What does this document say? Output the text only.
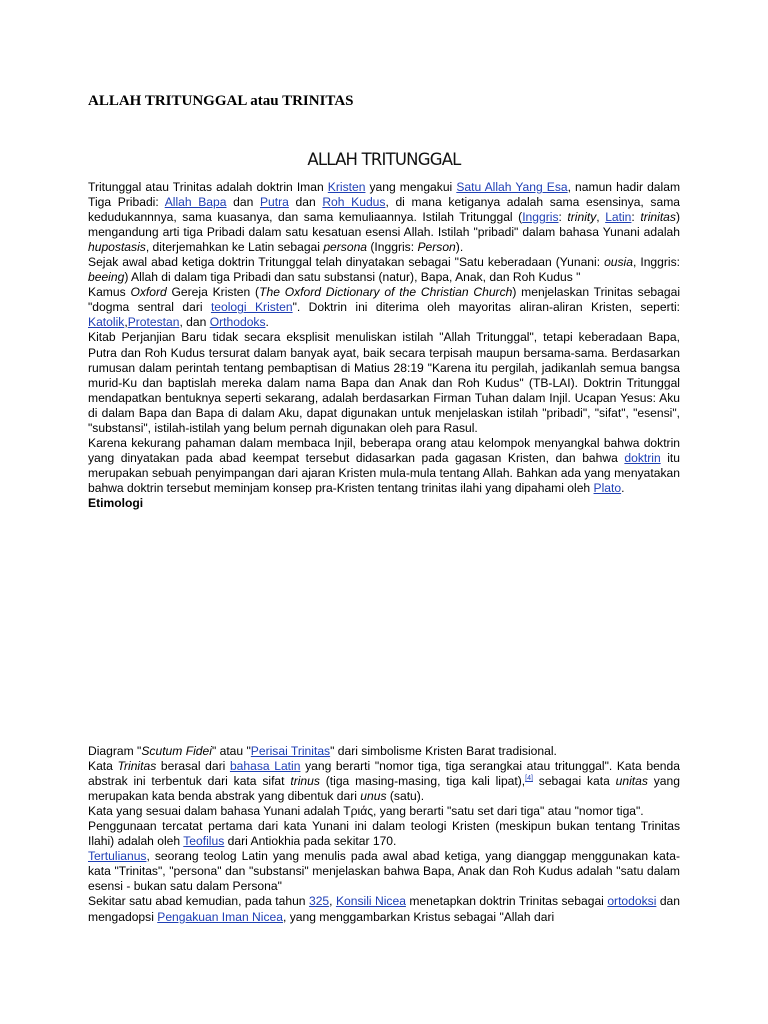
ALLAH TRITUNGGAL atau TRINITAS
ALLAH TRITUNGGAL

Tritunggal atau Trinitas adalah doktrin Iman Kristen yang mengakui Satu Allah Yang Esa, namun hadir dalam Tiga Pribadi: Allah Bapa dan Putra dan Roh Kudus, di mana ketiganya adalah sama esensinya, sama kedudukannnya, sama kuasanya, dan sama kemuliaannya. Istilah Tritunggal (Inggris: trinity, Latin: trinitas) mengandung arti tiga Pribadi dalam satu kesatuan esensi Allah. Istilah "pribadi" dalam bahasa Yunani adalah hupostasis, diterjemahkan ke Latin sebagai persona (Inggris: Person).

Sejak awal abad ketiga doktrin Tritunggal telah dinyatakan sebagai "Satu keberadaan (Yunani: ousia, Inggris: beeing) Allah di dalam tiga Pribadi dan satu substansi (natur), Bapa, Anak, dan Roh Kudus "

Kamus Oxford Gereja Kristen (The Oxford Dictionary of the Christian Church) menjelaskan Trinitas sebagai "dogma sentral dari teologi Kristen". Doktrin ini diterima oleh mayoritas aliran-aliran Kristen, seperti: Katolik,Protestan, dan Orthodoks.

Kitab Perjanjian Baru tidak secara eksplisit menuliskan istilah "Allah Tritunggal", tetapi keberadaan Bapa, Putra dan Roh Kudus tersurat dalam banyak ayat, baik secara terpisah maupun bersama-sama. Berdasarkan rumusan dalam perintah tentang pembaptisan di Matius 28:19 "Karena itu pergilah, jadikanlah semua bangsa murid-Ku dan baptislah mereka dalam nama Bapa dan Anak dan Roh Kudus" (TB-LAI). Doktrin Tritunggal mendapatkan bentuknya seperti sekarang, adalah berdasarkan Firman Tuhan dalam Injil. Ucapan Yesus: Aku di dalam Bapa dan Bapa di dalam Aku, dapat digunakan untuk menjelaskan istilah "pribadi", "sifat", "esensi", "substansi", istilah-istilah yang belum pernah digunakan oleh para Rasul.

Karena kekurang pahaman dalam membaca Injil, beberapa orang atau kelompok menyangkal bahwa doktrin yang dinyatakan pada abad keempat tersebut didasarkan pada gagasan Kristen, dan bahwa doktrin itu merupakan sebuah penyimpangan dari ajaran Kristen mula-mula tentang Allah. Bahkan ada yang menyatakan bahwa doktrin tersebut meminjam konsep pra-Kristen tentang trinitas ilahi yang dipahami oleh Plato.

Etimologi

Diagram "Scutum Fidei" atau "Perisai Trinitas" dari simbolisme Kristen Barat tradisional.

Kata Trinitas berasal dari bahasa Latin yang berarti "nomor tiga, tiga serangkai atau tritunggal". Kata benda abstrak ini terbentuk dari kata sifat trinus (tiga masing-masing, tiga kali lipat),[4] sebagai kata unitas yang merupakan kata benda abstrak yang dibentuk dari unus (satu).

Kata yang sesuai dalam bahasa Yunani adalah Τριάς, yang berarti "satu set dari tiga" atau "nomor tiga".

Penggunaan tercatat pertama dari kata Yunani ini dalam teologi Kristen (meskipun bukan tentang Trinitas Ilahi) adalah oleh Teofilus dari Antiokhia pada sekitar 170.

Tertulianus, seorang teolog Latin yang menulis pada awal abad ketiga, yang dianggap menggunakan kata-kata "Trinitas", "persona" dan "substansi" menjelaskan bahwa Bapa, Anak dan Roh Kudus adalah "satu dalam esensi - bukan satu dalam Persona"

Sekitar satu abad kemudian, pada tahun 325, Konsili Nicea menetapkan doktrin Trinitas sebagai ortodoksi dan mengadopsi Pengakuan Iman Nicea, yang menggambarkan Kristus sebagai "Allah dari
